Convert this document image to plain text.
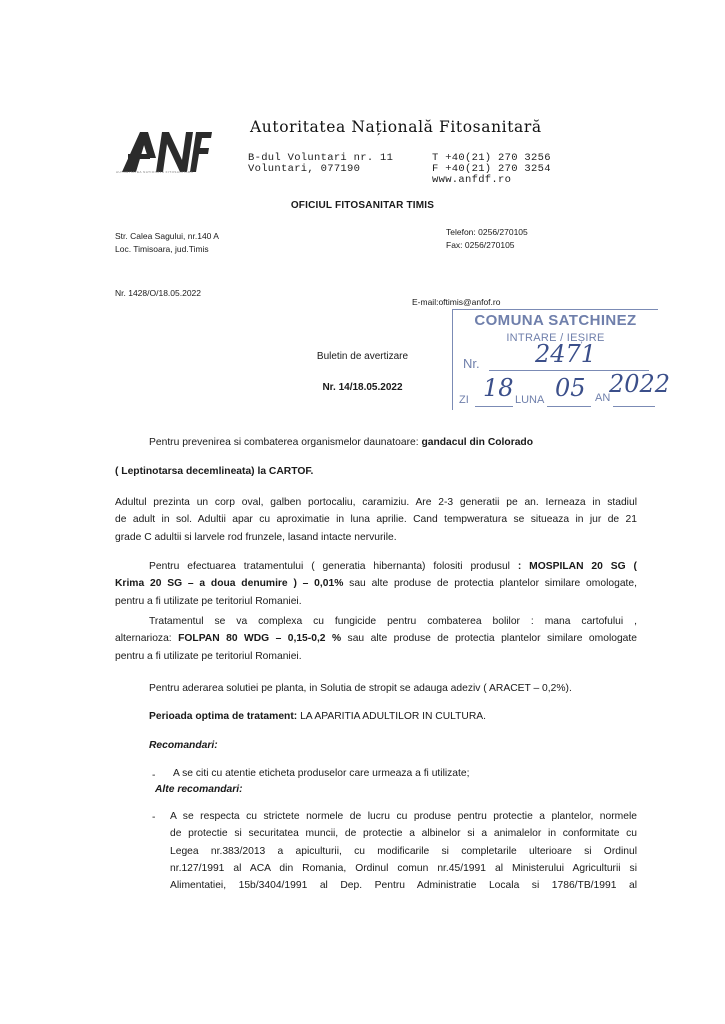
AUTORITATEA NATIONALA FITOSANITARA
Autoritatea Națională Fitosanitară
B-dul Voluntari nr. 11
Voluntari, 077190
T +40(21) 270 3256
F +40(21) 270 3254
www.anfdf.ro
OFICIUL FITOSANITAR TIMIS
Str. Calea Sagului, nr.140 A
Loc. Timisoara, jud.Timis
Telefon: 0256/270105
Fax: 0256/270105
Nr. 1428/O/18.05.2022
E-mail:oftimis@anfof.ro
COMUNA SATCHINEZ
INTRARE / IEȘIRE
Nr. 2471
ZI 18 LUNA 05 AN
2022
Buletin de avertizare
Nr. 14/18.05.2022
Pentru prevenirea si combaterea organismelor daunatoare: gandacul din Colorado
( Leptinotarsa decemlineata) la CARTOF.
Adultul prezinta un corp oval, galben portocaliu, caramiziu. Are 2-3 generatii pe an. Ierneaza in stadiul
de adult in sol. Adultii apar cu aproximatie in luna aprilie. Cand tempweratura se situeaza in jur de 21
grade C adultii si larvele rod frunzele, lasand intacte nervurile.
Pentru efectuarea tratamentului ( generatia hibernanta) folositi produsul : MOSPILAN 20 SG (
Krima 20 SG – a doua denumire ) – 0,01% sau alte produse de protectia plantelor similare omologate,
pentru a fi utilizate pe teritoriul Romaniei.
Tratamentul se va complexa cu fungicide pentru combaterea bolilor : mana cartofului ,
alternarioza: FOLPAN 80 WDG – 0,15-0,2 % sau alte produse de protectia plantelor similare omologate
pentru a fi utilizate pe teritoriul Romaniei.
Pentru aderarea solutiei pe planta, in Solutia de stropit se adauga adeziv ( ARACET – 0,2%).
Perioada optima de tratament: LA APARITIA ADULTILOR IN CULTURA.
Recomandari:
- A se citi cu atentie eticheta produselor care urmeaza a fi utilizate;
Alte recomandari:
- A se respecta cu strictete normele de lucru cu produse pentru protectie a plantelor, normele
de protectie si securitatea muncii, de protectie a albinelor si a animalelor in conformitate cu
Legea nr.383/2013 a apiculturii, cu modificarile si completarile ulterioare si Ordinul
nr.127/1991 al ACA din Romania, Ordinul comun nr.45/1991 al Ministerului Agriculturii si
Alimentatiei, 15b/3404/1991 al Dep. Pentru Administratie Locala si 1786/TB/1991 al
